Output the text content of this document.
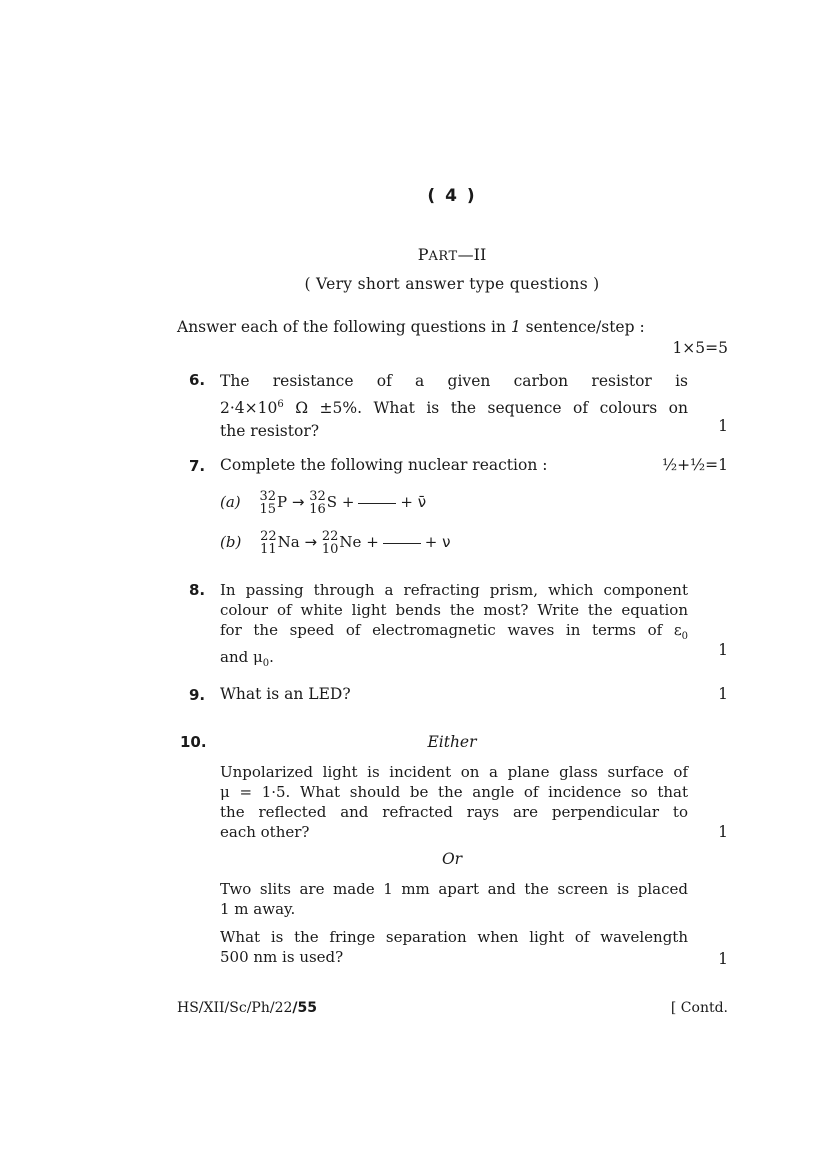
( 4 )
PART—II
( Very short answer type questions )
Answer each of the following questions in 1 sentence/step :
1×5=5
6. The resistance of a given carbon resistor is
$2\cdot 4\times 10^6$ Ω ±5%. What is the sequence of colours on
the resistor?	1
7. Complete the following nuclear reaction :	½+½=1
(a) 32
15 P → 32
16 S +	+ ν̄
(b) 22
11 Na → 22
10 Ne +	+ ν
8. In passing through a refracting prism, which component
colour of white light bends the most? Write the equation
for the speed of electromagnetic waves in terms of $\varepsilon_0$
and $\mu_0$.	1
9. What is an LED?	1
10.	Either
Unpolarized light is incident on a plane glass surface of
μ = 1·5. What should be the angle of incidence so that
the reflected and refracted rays are perpendicular to
each other?	1
Or
Two slits are made 1 mm apart and the screen is placed
1 m away.
What is the fringe separation when light of wavelength
500 nm is used?	1
HS/XII/Sc/Ph/22/55	[ Contd.
